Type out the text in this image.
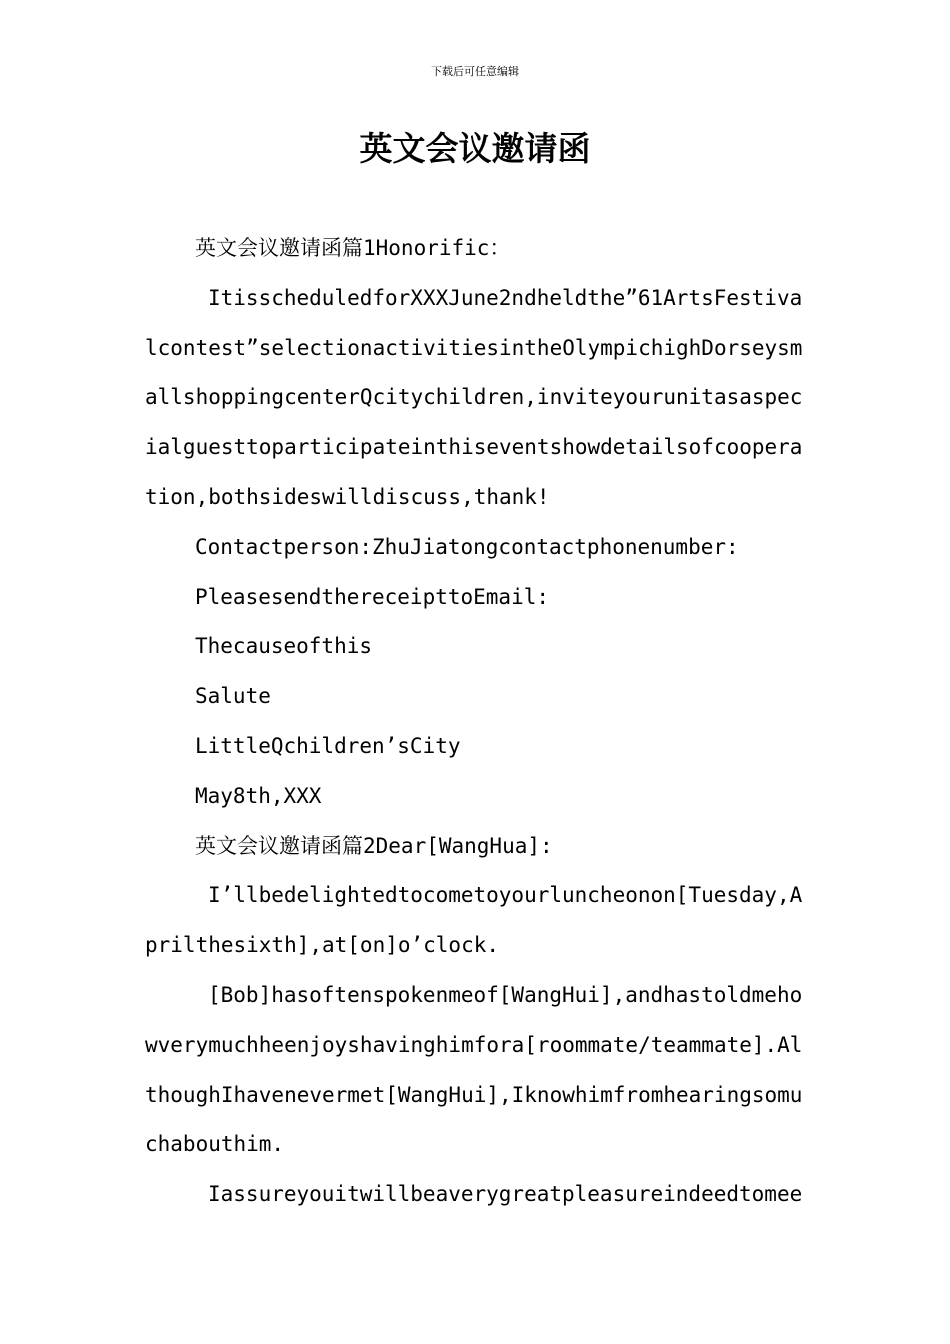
下载后可任意编辑
英文会议邀请函

英文会议邀请函篇1Honorific：

ItisscheduledforXXXJune2ndheldthe”61ArtsFestivalcontest”selectionactivitiesintheOlympichighDorseysmallshoppingcenterQcitychildren,inviteyourunitasaspecialguesttoparticipateinthiseventshowdetailsofcooperation,bothsideswilldiscuss,thank!

Contactperson:ZhuJiatongcontactphonenumber:

PleasesendthereceipttoEmail:

Thecauseofthis

Salute

LittleQchildren’sCity

May8th,XXX

英文会议邀请函篇2Dear[WangHua]:

I’llbedelightedtocometoyourluncheonon[Tuesday,Aprilthesixth],at[on]o’clock.

[Bob]hasoftenspokenmeof[WangHui],andhastoldmehowverymuchheenjoyshavinghimfora[roommate/teammate].AlthoughIhavenevermet[WangHui],Iknowhimfromhearingsomuchabouthim.

Iassureyouitwillbeaverygreatpleasureindeedtomee
